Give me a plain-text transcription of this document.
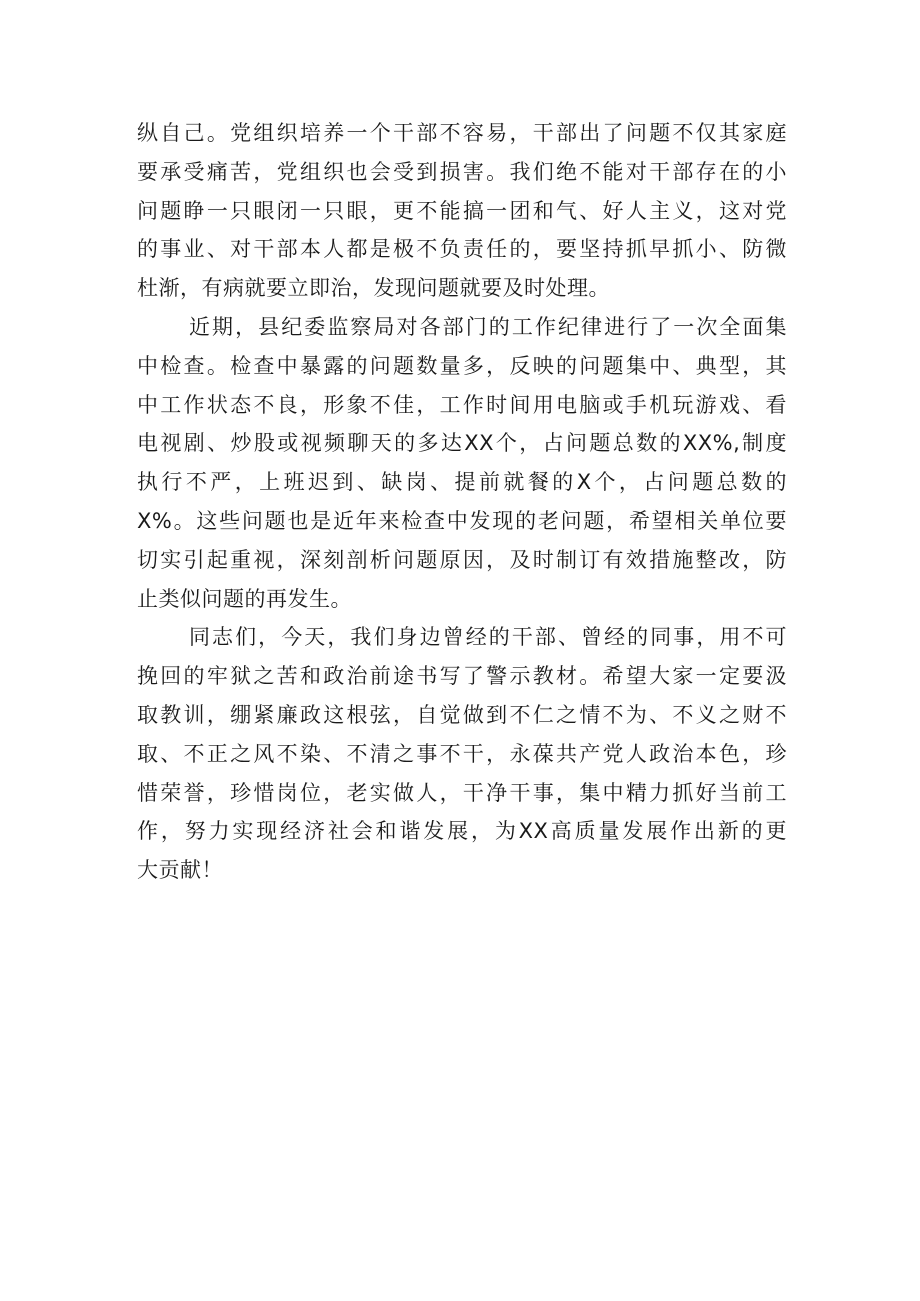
纵自己。党组织培养一个干部不容易，干部出了问题不仅其家庭
要承受痛苦，党组织也会受到损害。我们绝不能对干部存在的小
问题睁一只眼闭一只眼，更不能搞一团和气、好人主义，这对党
的事业、对干部本人都是极不负责任的，要坚持抓早抓小、防微
杜渐，有病就要立即治，发现问题就要及时处理。
近期，县纪委监察局对各部门的工作纪律进行了一次全面集
中检查。检查中暴露的问题数量多，反映的问题集中、典型，其
中工作状态不良，形象不佳，工作时间用电脑或手机玩游戏、看
电视剧、炒股或视频聊天的多达XX个，占问题总数的XX%,制度
执行不严，上班迟到、缺岗、提前就餐的X个，占问题总数的
X%。这些问题也是近年来检查中发现的老问题，希望相关单位要
切实引起重视，深刻剖析问题原因，及时制订有效措施整改，防
止类似问题的再发生。
同志们，今天，我们身边曾经的干部、曾经的同事，用不可
挽回的牢狱之苦和政治前途书写了警示教材。希望大家一定要汲
取教训，绷紧廉政这根弦，自觉做到不仁之情不为、不义之财不
取、不正之风不染、不清之事不干，永葆共产党人政治本色，珍
惜荣誉，珍惜岗位，老实做人，干净干事，集中精力抓好当前工
作，努力实现经济社会和谐发展，为XX高质量发展作出新的更
大贡献！
